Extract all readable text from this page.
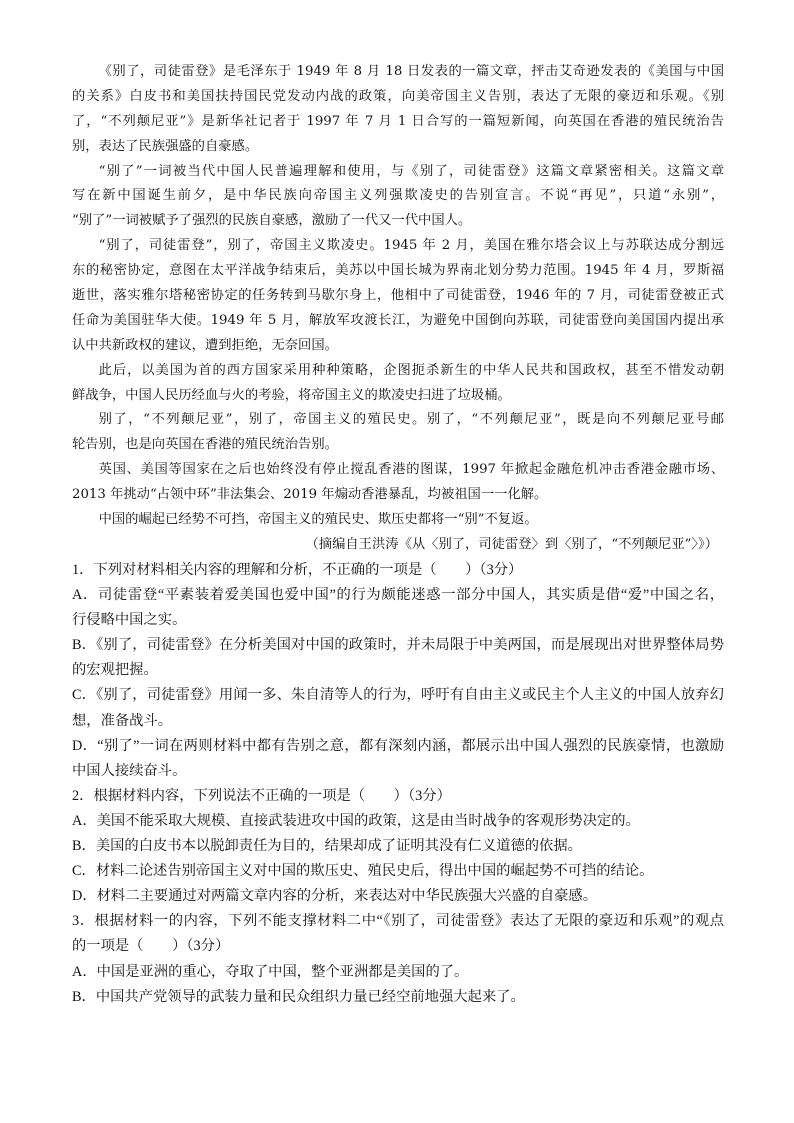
《别了，司徒雷登》是毛泽东于 1949 年 8 月 18 日发表的一篇文章，抨击艾奇逊发表的《美国与中国
的关系》白皮书和美国扶持国民党发动内战的政策，向美帝国主义告别，表达了无限的豪迈和乐观。《别
了，“不列颠尼亚”》是新华社记者于 1997 年 7 月 1 日合写的一篇短新闻，向英国在香港的殖民统治告
别，表达了民族强盛的自豪感。
“别了”一词被当代中国人民普遍理解和使用，与《别了，司徒雷登》这篇文章紧密相关。这篇文章
写在新中国诞生前夕，是中华民族向帝国主义列强欺凌史的告别宣言。不说“再见”，只道“永别”，
“别了”一词被赋予了强烈的民族自豪感，激励了一代又一代中国人。
“别了，司徒雷登”，别了，帝国主义欺凌史。1945 年 2 月，美国在雅尔塔会议上与苏联达成分割远
东的秘密协定，意图在太平洋战争结束后，美苏以中国长城为界南北划分势力范围。1945 年 4 月，罗斯福
逝世，落实雅尔塔秘密协定的任务转到马歇尔身上，他相中了司徒雷登，1946 年的 7 月，司徒雷登被正式
任命为美国驻华大使。1949 年 5 月，解放军攻渡长江，为避免中国倒向苏联，司徒雷登向美国国内提出承
认中共新政权的建议，遭到拒绝，无奈回国。
此后，以美国为首的西方国家采用种种策略，企图扼杀新生的中华人民共和国政权，甚至不惜发动朝
鲜战争，中国人民历经血与火的考验，将帝国主义的欺凌史扫进了垃圾桶。
别了，“不列颠尼亚”，别了，帝国主义的殖民史。别了，“不列颠尼亚”，既是向不列颠尼亚号邮
轮告别，也是向英国在香港的殖民统治告别。
英国、美国等国家在之后也始终没有停止搅乱香港的图谋，1997 年掀起金融危机冲击香港金融市场、
2013 年挑动“占领中环”非法集会、2019 年煽动香港暴乱，均被祖国一一化解。
中国的崛起已经势不可挡，帝国主义的殖民史、欺压史都将一“别”不复返。
（摘编自王洪涛《从〈别了，司徒雷登〉到〈别了，“不列颠尼亚”〉》）
1．下列对材料相关内容的理解和分析，不正确的一项是（　　）（3分）
A．司徒雷登“平素装着爱美国也爱中国”的行为颇能迷惑一部分中国人，其实质是借“爱”中国之名，
行侵略中国之实。
B．《别了，司徒雷登》在分析美国对中国的政策时，并未局限于中美两国，而是展现出对世界整体局势
的宏观把握。
C．《别了，司徒雷登》用闻一多、朱自清等人的行为，呼吁有自由主义或民主个人主义的中国人放弃幻
想，准备战斗。
D．“别了”一词在两则材料中都有告别之意，都有深刻内涵，都展示出中国人强烈的民族豪情，也激励
中国人接续奋斗。
2．根据材料内容，下列说法不正确的一项是（　　）（3分）
A．美国不能采取大规模、直接武装进攻中国的政策，这是由当时战争的客观形势决定的。
B．美国的白皮书本以脱卸责任为目的，结果却成了证明其没有仁义道德的依据。
C．材料二论述告别帝国主义对中国的欺压史、殖民史后，得出中国的崛起势不可挡的结论。
D．材料二主要通过对两篇文章内容的分析，来表达对中华民族强大兴盛的自豪感。
3．根据材料一的内容，下列不能支撑材料二中“《别了，司徒雷登》表达了无限的豪迈和乐观”的观点
的一项是（　　）（3分）
A．中国是亚洲的重心，夺取了中国，整个亚洲都是美国的了。
B．中国共产党领导的武装力量和民众组织力量已经空前地强大起来了。
